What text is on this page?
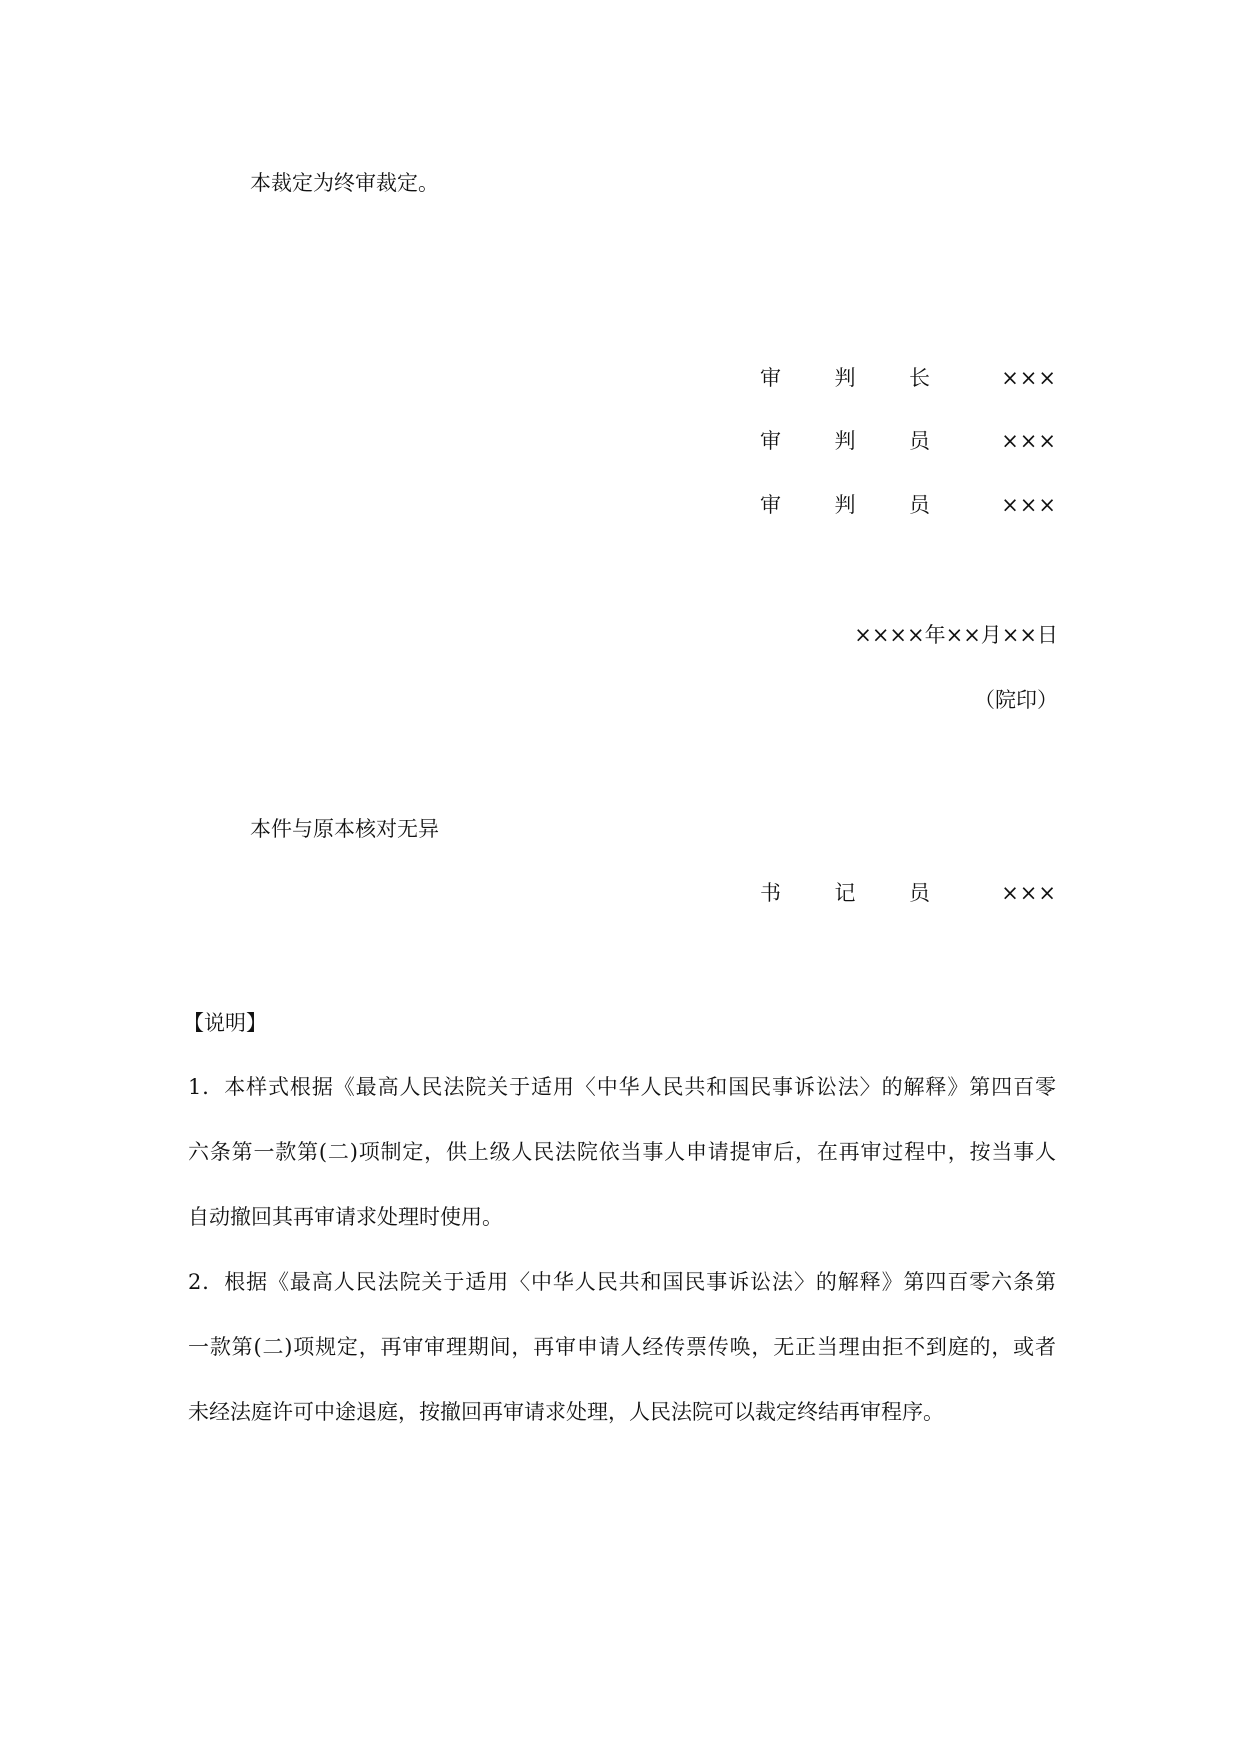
本裁定为终审裁定。
审	判	长	×××
审	判	员	×××
审	判	员	×××
××××年××月××日
（院印）
本件与原本核对无异
书	记	员	×××
【说明】
1．本样式根据《最高人民法院关于适用〈中华人民共和国民事诉讼法〉的解释》第四百零
六条第一款第(二)项制定，供上级人民法院依当事人申请提审后，在再审过程中，按当事人
自动撤回其再审请求处理时使用。
2．根据《最高人民法院关于适用〈中华人民共和国民事诉讼法〉的解释》第四百零六条第
一款第(二)项规定，再审审理期间，再审申请人经传票传唤，无正当理由拒不到庭的，或者
未经法庭许可中途退庭，按撤回再审请求处理，人民法院可以裁定终结再审程序。
